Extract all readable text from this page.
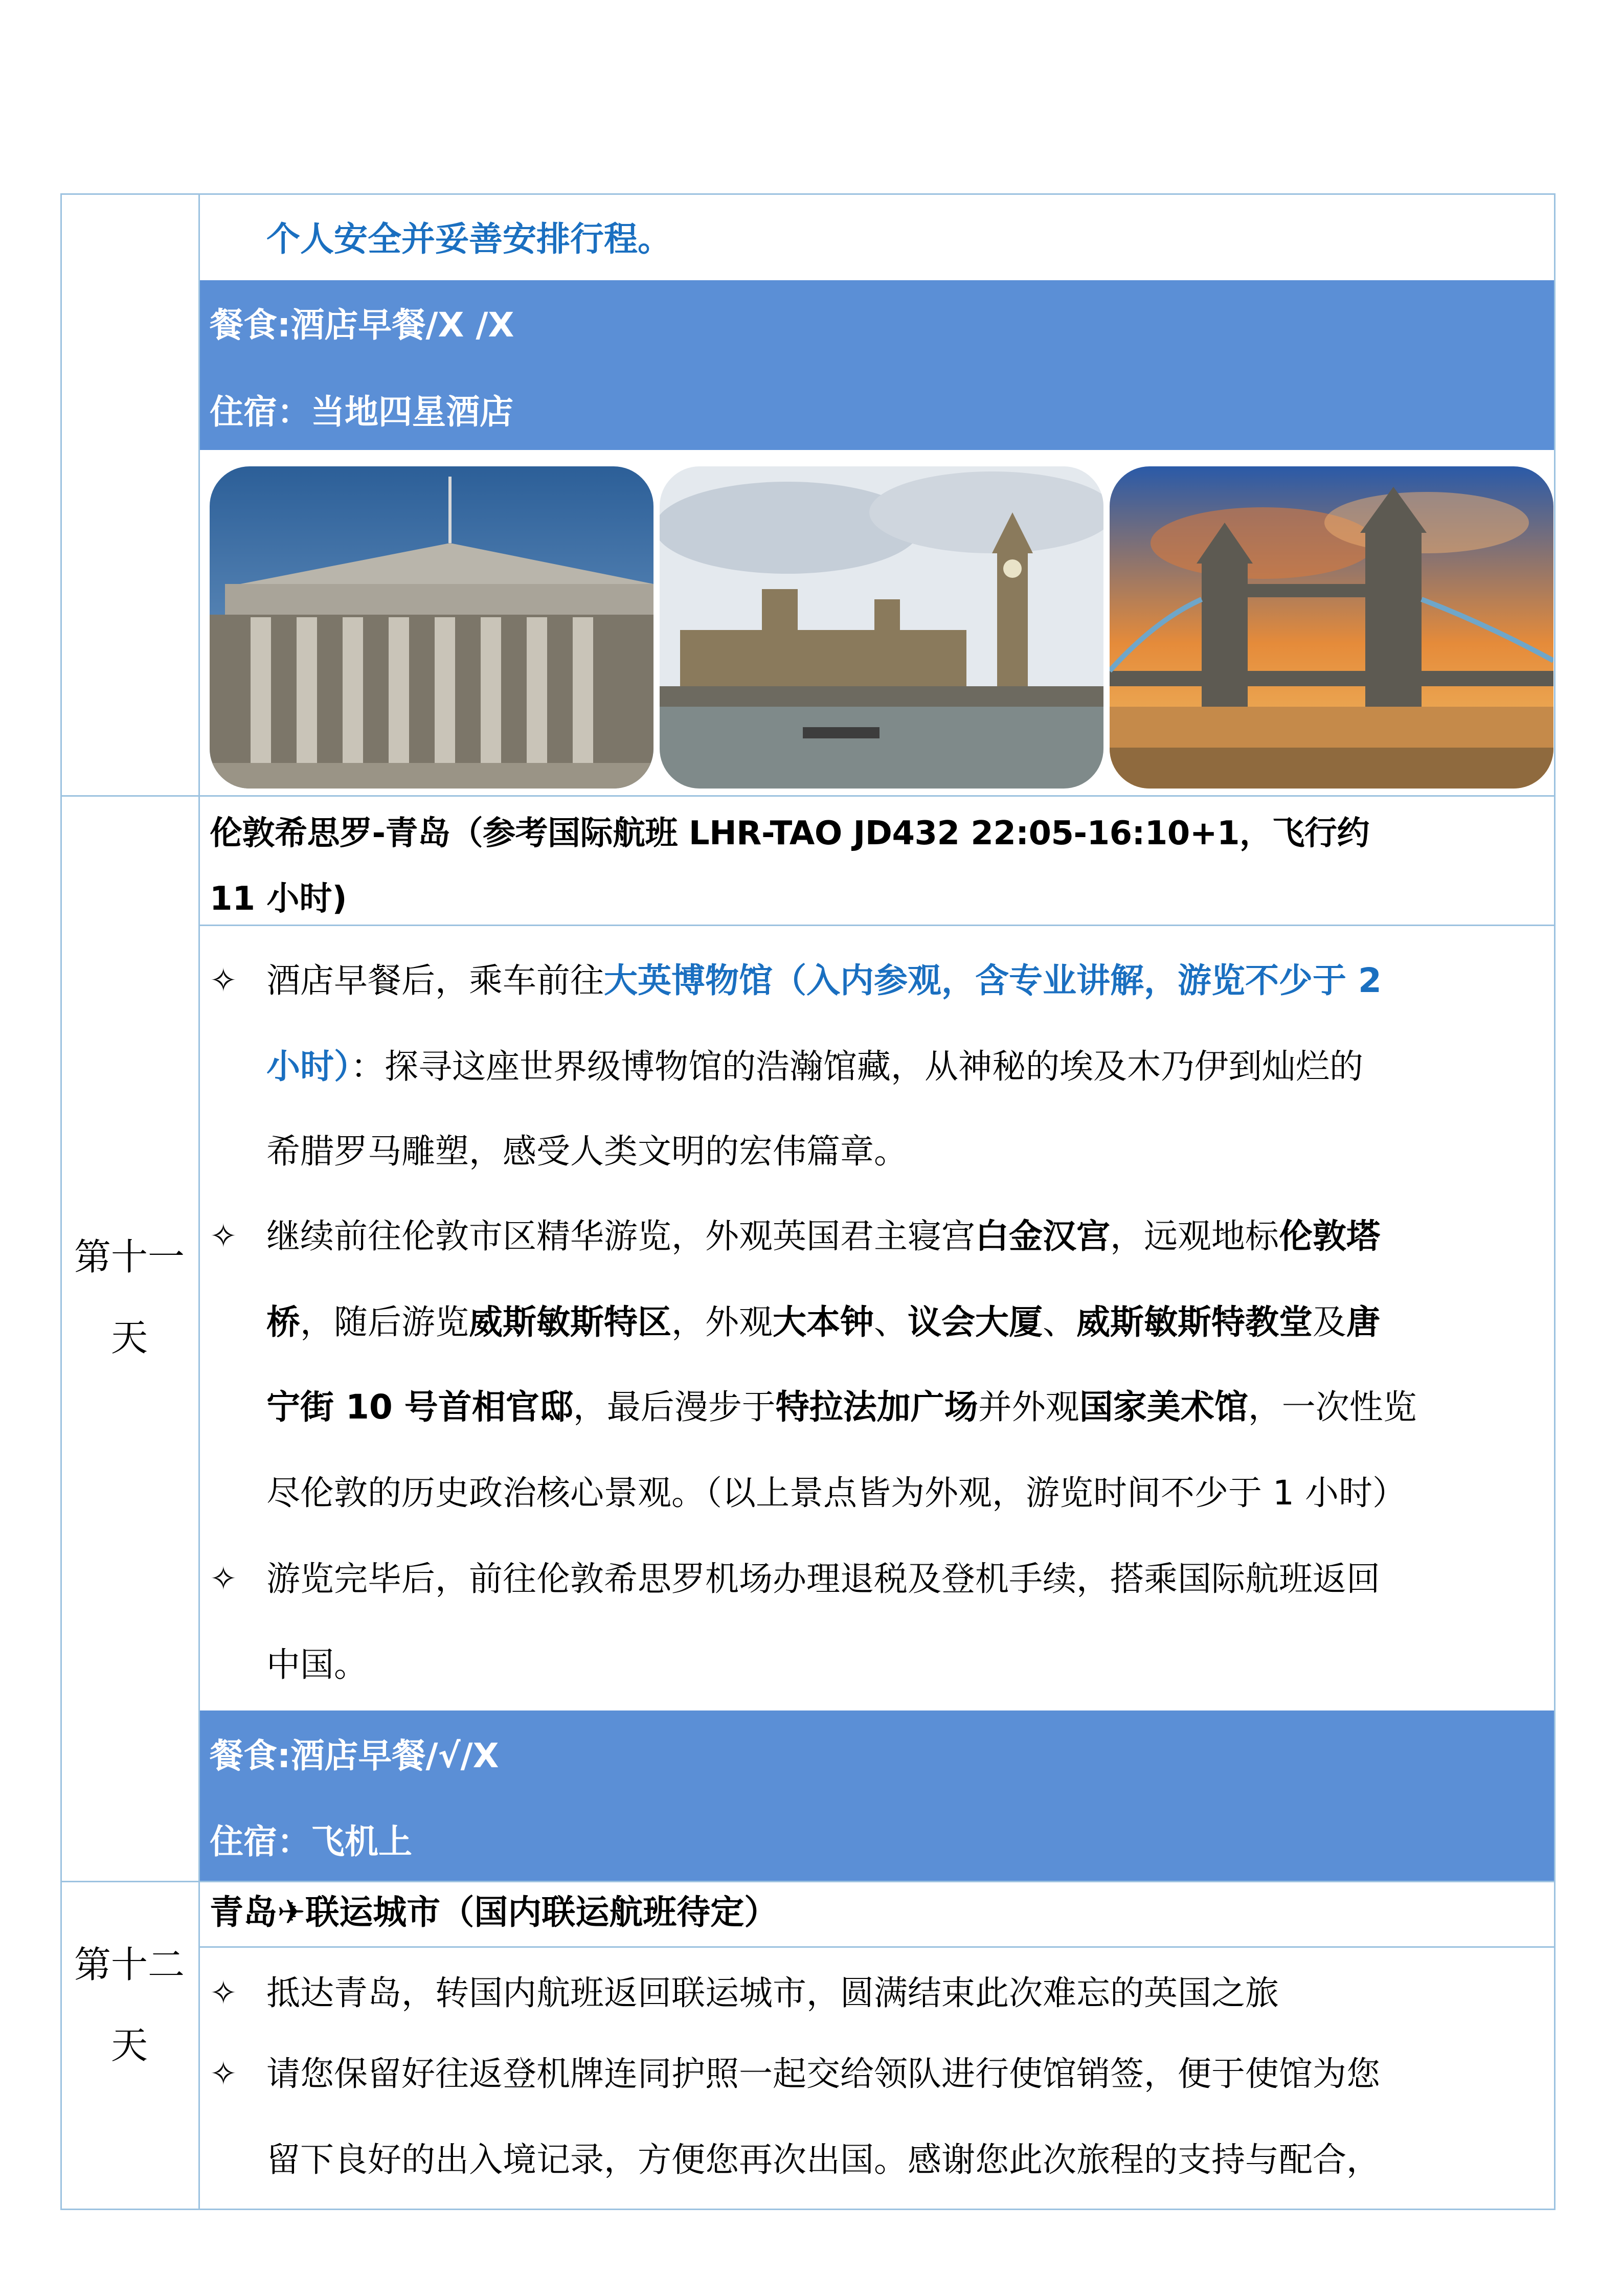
个人安全并妥善安排行程。
餐食:酒店早餐/X /X
住宿：当地四星酒店
第十一
天
伦敦希思罗-青岛（参考国际航班 LHR-TAO JD432 22:05-16:10+1，飞行约
11 小时)
✧ 酒店早餐后，乘车前往大英博物馆（入内参观，含专业讲解，游览不少于 2
小时）：探寻这座世界级博物馆的浩瀚馆藏，从神秘的埃及木乃伊到灿烂的
希腊罗马雕塑，感受人类文明的宏伟篇章。
✧ 继续前往伦敦市区精华游览，外观英国君主寝宫白金汉宫，远观地标伦敦塔
桥，随后游览威斯敏斯特区，外观大本钟、议会大厦、威斯敏斯特教堂及唐
宁街 10 号首相官邸，最后漫步于特拉法加广场并外观国家美术馆，一次性览
尽伦敦的历史政治核心景观。（以上景点皆为外观，游览时间不少于 1 小时）
✧ 游览完毕后，前往伦敦希思罗机场办理退税及登机手续，搭乘国际航班返回
中国。
餐食:酒店早餐/√/X
住宿：飞机上
第十二
天
青岛✈联运城市（国内联运航班待定）
✧ 抵达青岛，转国内航班返回联运城市，圆满结束此次难忘的英国之旅
✧ 请您保留好往返登机牌连同护照一起交给领队进行使馆销签，便于使馆为您
留下良好的出入境记录，方便您再次出国。感谢您此次旅程的支持与配合，
